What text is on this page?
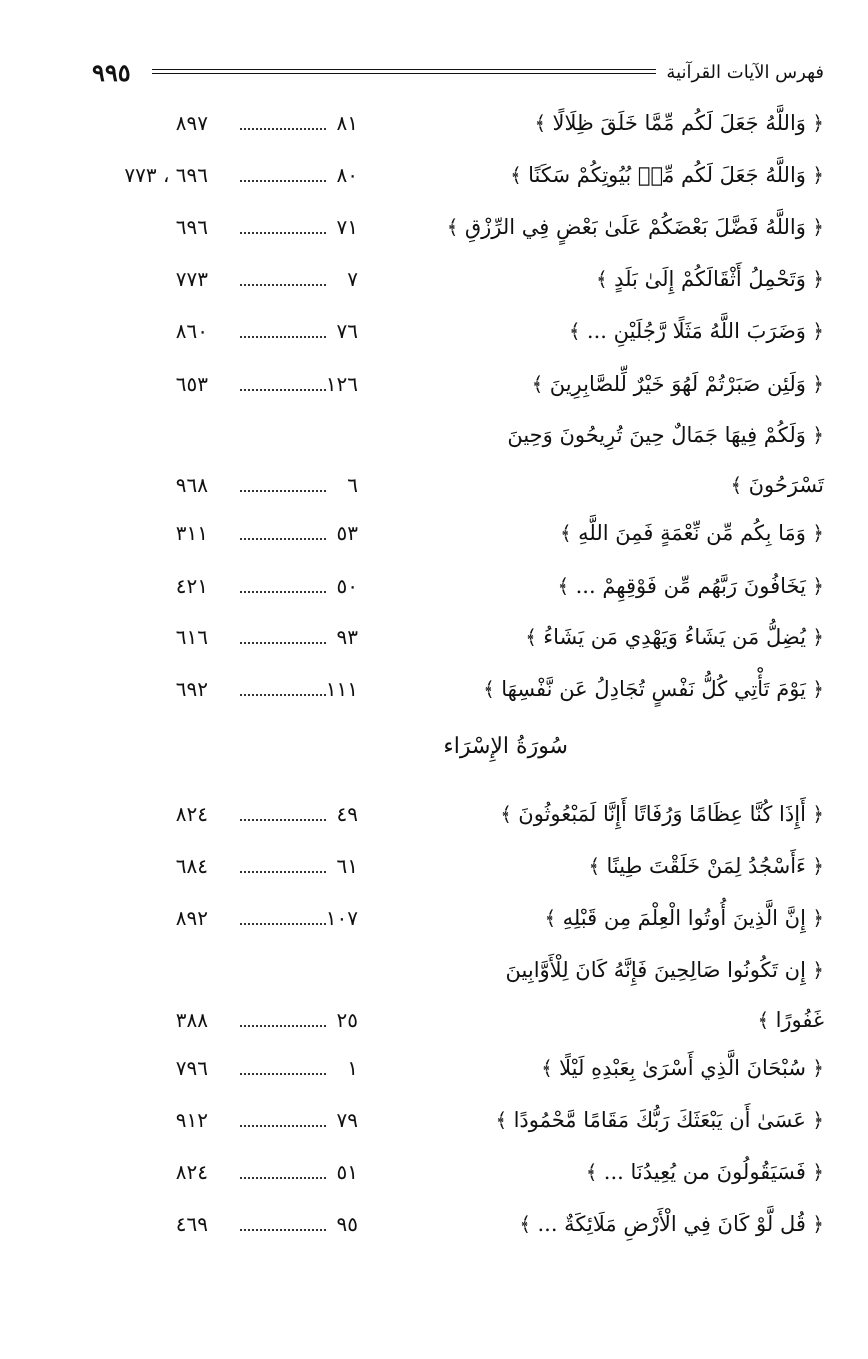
٩٩٥	فهرس الآيات القرآنية
سُورَةُ الإِسْرَاء
﴿ وَاللَّهُ جَعَلَ لَكُم مِّمَّا خَلَقَ ظِلَالًا ﴾
٨١
٨٩٧
﴿ وَاللَّهُ جَعَلَ لَكُم مِّنۢ بُيُوتِكُمْ سَكَنًا ﴾
٨٠
٦٩٦ ، ٧٧٣
﴿ وَاللَّهُ فَضَّلَ بَعْضَكُمْ عَلَىٰ بَعْضٍ فِي الرِّزْقِ ﴾
٧١
٦٩٦
﴿ وَتَحْمِلُ أَثْقَالَكُمْ إِلَىٰ بَلَدٍ ﴾
٧
٧٧٣
﴿ وَضَرَبَ اللَّهُ مَثَلًا رَّجُلَيْنِ ... ﴾
٧٦
٨٦٠
﴿ وَلَئِن صَبَرْتُمْ لَهُوَ خَيْرٌ لِّلصَّابِرِينَ ﴾
١٢٦
٦٥٣
﴿ وَلَكُمْ فِيهَا جَمَالٌ حِينَ تُرِيحُونَ وَحِينَ
تَسْرَحُونَ ﴾
٦
٩٦٨
﴿ وَمَا بِكُم مِّن نِّعْمَةٍ فَمِنَ اللَّهِ ﴾
٥٣
٣١١
﴿ يَخَافُونَ رَبَّهُم مِّن فَوْقِهِمْ ... ﴾
٥٠
٤٢١
﴿ يُضِلُّ مَن يَشَاءُ وَيَهْدِي مَن يَشَاءُ ﴾
٩٣
٦١٦
﴿ يَوْمَ تَأْتِي كُلُّ نَفْسٍ تُجَادِلُ عَن نَّفْسِهَا ﴾
١١١
٦٩٢
﴿ أَإِذَا كُنَّا عِظَامًا وَرُفَاتًا أَإِنَّا لَمَبْعُوثُونَ ﴾
٤٩
٨٢٤
﴿ ءَأَسْجُدُ لِمَنْ خَلَقْتَ طِينًا ﴾
٦١
٦٨٤
﴿ إِنَّ الَّذِينَ أُوتُوا الْعِلْمَ مِن قَبْلِهِ ﴾
١٠٧
٨٩٢
﴿ إِن تَكُونُوا صَالِحِينَ فَإِنَّهُ كَانَ لِلْأَوَّابِينَ
غَفُورًا ﴾
٢٥
٣٨٨
﴿ سُبْحَانَ الَّذِي أَسْرَىٰ بِعَبْدِهِ لَيْلًا ﴾
١
٧٩٦
﴿ عَسَىٰ أَن يَبْعَثَكَ رَبُّكَ مَقَامًا مَّحْمُودًا ﴾
٧٩
٩١٢
﴿ فَسَيَقُولُونَ من يُعِيدُنَا ... ﴾
٥١
٨٢٤
﴿ قُل لَّوْ كَانَ فِي الْأَرْضِ مَلَائِكَةٌ ... ﴾
٩٥
٤٦٩
